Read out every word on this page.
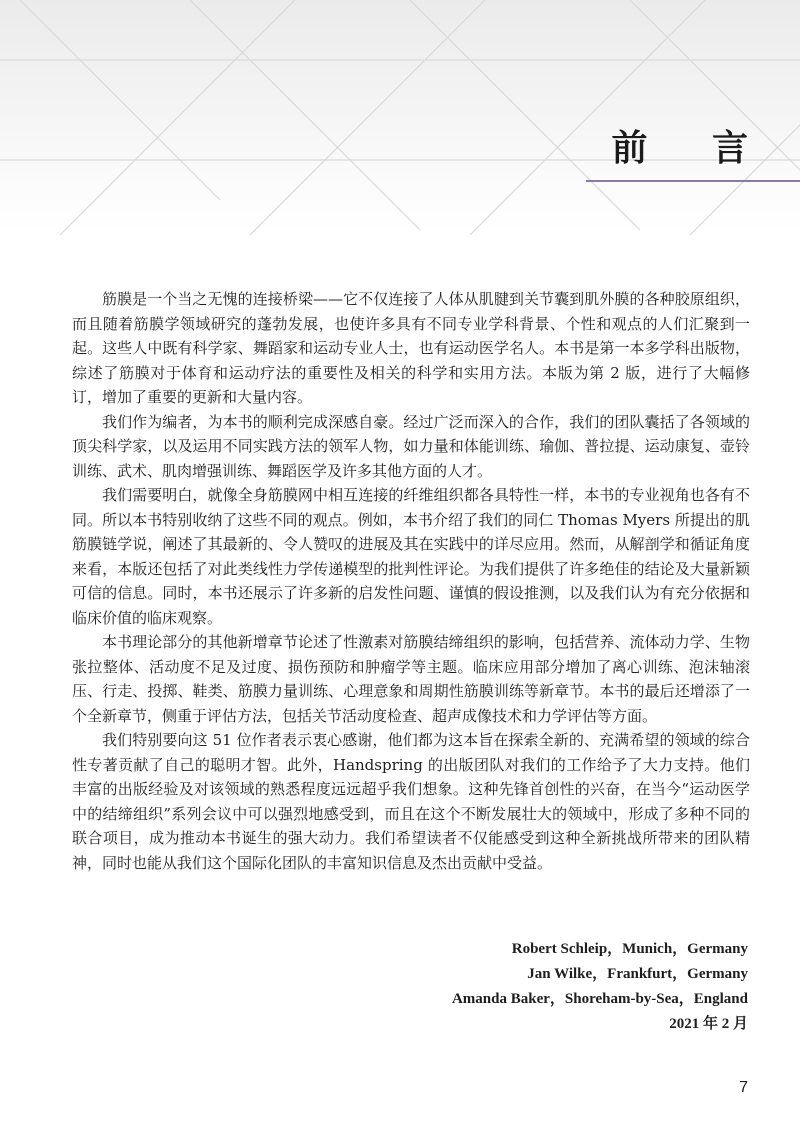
前 言

筋膜是一个当之无愧的连接桥梁——它不仅连接了人体从肌腱到关节囊到肌外膜的各种胶原组织，而且随着筋膜学领域研究的蓬勃发展，也使许多具有不同专业学科背景、个性和观点的人们汇聚到一起。这些人中既有科学家、舞蹈家和运动专业人士，也有运动医学名人。本书是第一本多学科出版物，综述了筋膜对于体育和运动疗法的重要性及相关的科学和实用方法。本版为第 2 版，进行了大幅修订，增加了重要的更新和大量内容。

我们作为编者，为本书的顺利完成深感自豪。经过广泛而深入的合作，我们的团队囊括了各领域的顶尖科学家，以及运用不同实践方法的领军人物，如力量和体能训练、瑜伽、普拉提、运动康复、壶铃训练、武术、肌肉增强训练、舞蹈医学及许多其他方面的人才。

我们需要明白，就像全身筋膜网中相互连接的纤维组织都各具特性一样，本书的专业视角也各有不同。所以本书特别收纳了这些不同的观点。例如，本书介绍了我们的同仁 Thomas Myers 所提出的肌筋膜链学说，阐述了其最新的、令人赞叹的进展及其在实践中的详尽应用。然而，从解剖学和循证角度来看，本版还包括了对此类线性力学传递模型的批判性评论。为我们提供了许多绝佳的结论及大量新颖可信的信息。同时，本书还展示了许多新的启发性问题、谨慎的假设推测，以及我们认为有充分依据和临床价值的临床观察。

本书理论部分的其他新增章节论述了性激素对筋膜结缔组织的影响，包括营养、流体动力学、生物张拉整体、活动度不足及过度、损伤预防和肿瘤学等主题。临床应用部分增加了离心训练、泡沫轴滚压、行走、投掷、鞋类、筋膜力量训练、心理意象和周期性筋膜训练等新章节。本书的最后还增添了一个全新章节，侧重于评估方法，包括关节活动度检查、超声成像技术和力学评估等方面。

我们特别要向这 51 位作者表示衷心感谢，他们都为这本旨在探索全新的、充满希望的领域的综合性专著贡献了自己的聪明才智。此外，Handspring 的出版团队对我们的工作给予了大力支持。他们丰富的出版经验及对该领域的熟悉程度远远超乎我们想象。这种先锋首创性的兴奋，在当今“运动医学中的结缔组织”系列会议中可以强烈地感受到，而且在这个不断发展壮大的领域中，形成了多种不同的联合项目，成为推动本书诞生的强大动力。我们希望读者不仅能感受到这种全新挑战所带来的团队精神，同时也能从我们这个国际化团队的丰富知识信息及杰出贡献中受益。

Robert Schleip，Munich，Germany
Jan Wilke，Frankfurt，Germany
Amanda Baker，Shoreham-by-Sea，England
2021 年 2 月
7
